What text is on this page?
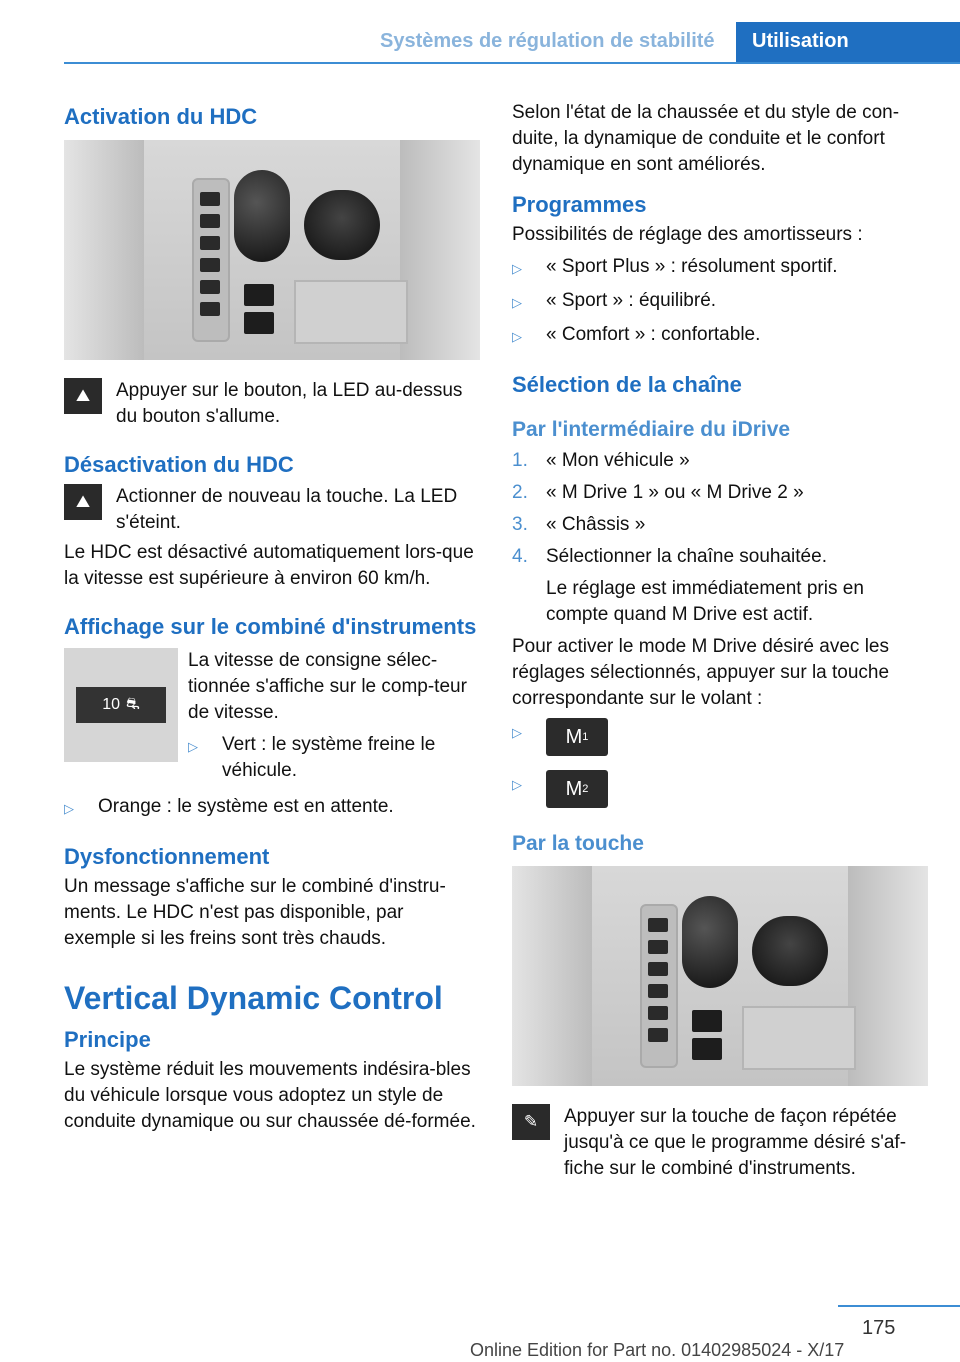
Systèmes de régulation de stabilité	Utilisation
Activation du HDC
⛰	Appuyer sur le bouton, la LED au-dessus du bouton s'allume.

Désactivation du HDC
⛰	Actionner de nouveau la touche. La LED s'éteint.

Le HDC est désactivé automatiquement lors-que la vitesse est supérieure à environ 60 km/h.

Affichage sur le combiné d'instruments
10 ⛐

La vitesse de consigne sélec-tionnée s'affiche sur le comp-teur de vitesse.

▷	Vert : le système freine le véhicule.
▷	Orange : le système est en attente.
Dysfonctionnement

Un message s'affiche sur le combiné d'instru-ments. Le HDC n'est pas disponible, par exemple si les freins sont très chauds.

Vertical Dynamic Control
Principe

Le système réduit les mouvements indésira-bles du véhicule lorsque vous adoptez un style de conduite dynamique ou sur chaussée dé-formée.

Selon l'état de la chaussée et du style de con-duite, la dynamique de conduite et le confort dynamique en sont améliorés.

Programmes

Possibilités de réglage des amortisseurs :

▷	« Sport Plus » : résolument sportif.
▷	« Sport » : équilibré.
▷	« Comfort » : confortable.
Sélection de la chaîne
Par l'intermédiaire du iDrive
1. « Mon véhicule »
2. « M Drive 1 » ou « M Drive 2 »
3. « Châssis »
4. Sélectionner la chaîne souhaitée.

Le réglage est immédiatement pris en compte quand M Drive est actif.

Pour activer le mode M Drive désiré avec les réglages sélectionnés, appuyer sur la touche correspondante sur le volant :

▷	M 1
▷	M 2
Par la touche
✎	Appuyer sur la touche de façon répétée jusqu'à ce que le programme désiré s'af-fiche sur le combiné d'instruments.

175
Online Edition for Part no. 01402985024 - X/17
